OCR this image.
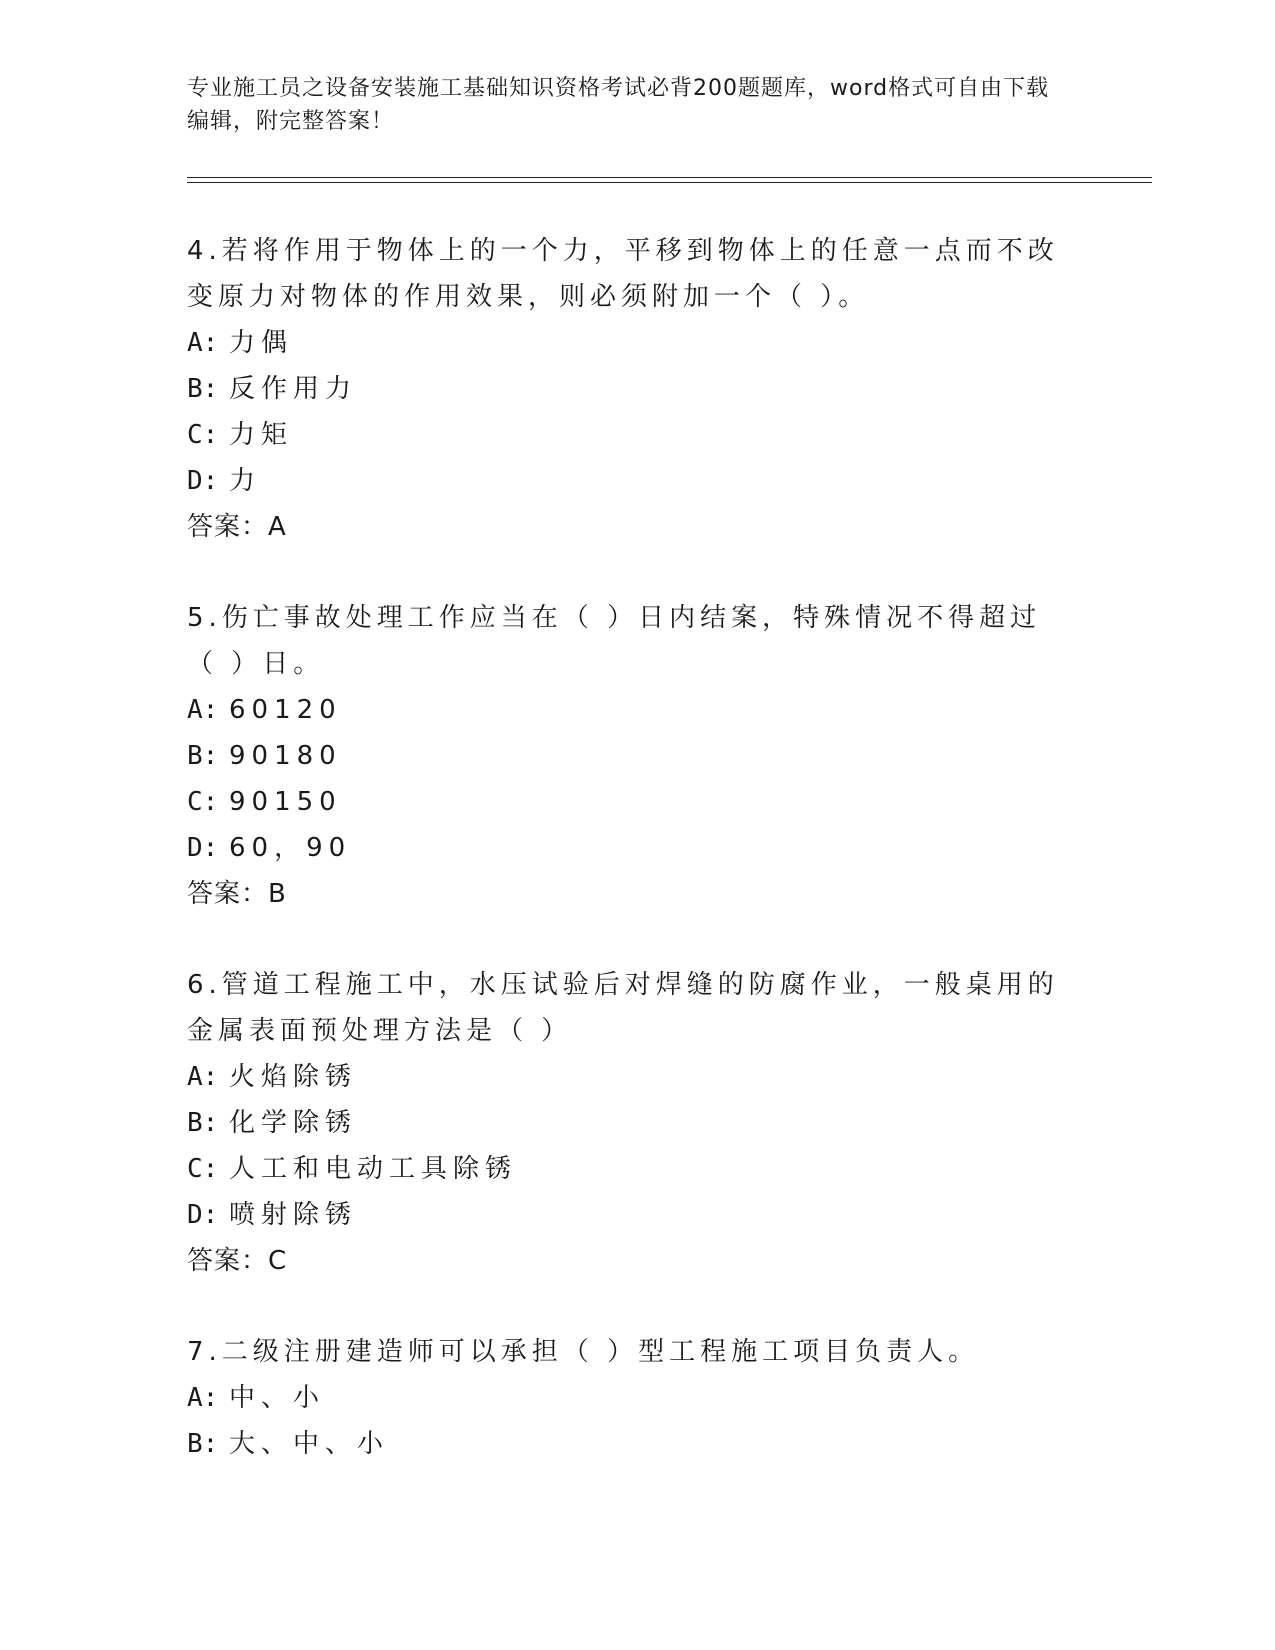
专业施工员之设备安装施工基础知识资格考试必背200题题库，word格式可自由下载编辑，附完整答案！
4.若将作用于物体上的一个力，平移到物体上的任意一点而不改变原力对物体的作用效果，则必须附加一个（ ）。
A: 力偶
B: 反作用力
C: 力矩
D: 力
答案：A
5.伤亡事故处理工作应当在（ ）日内结案，特殊情况不得超过（ ）日。
A: 60120
B: 90180
C: 90150
D: 60，90
答案：B
6.管道工程施工中，水压试验后对焊缝的防腐作业，一般桌用的金属表面预处理方法是（ ）
A: 火焰除锈
B: 化学除锈
C: 人工和电动工具除锈
D: 喷射除锈
答案：C
7.二级注册建造师可以承担（ ）型工程施工项目负责人。
A: 中、小
B: 大、中、小
